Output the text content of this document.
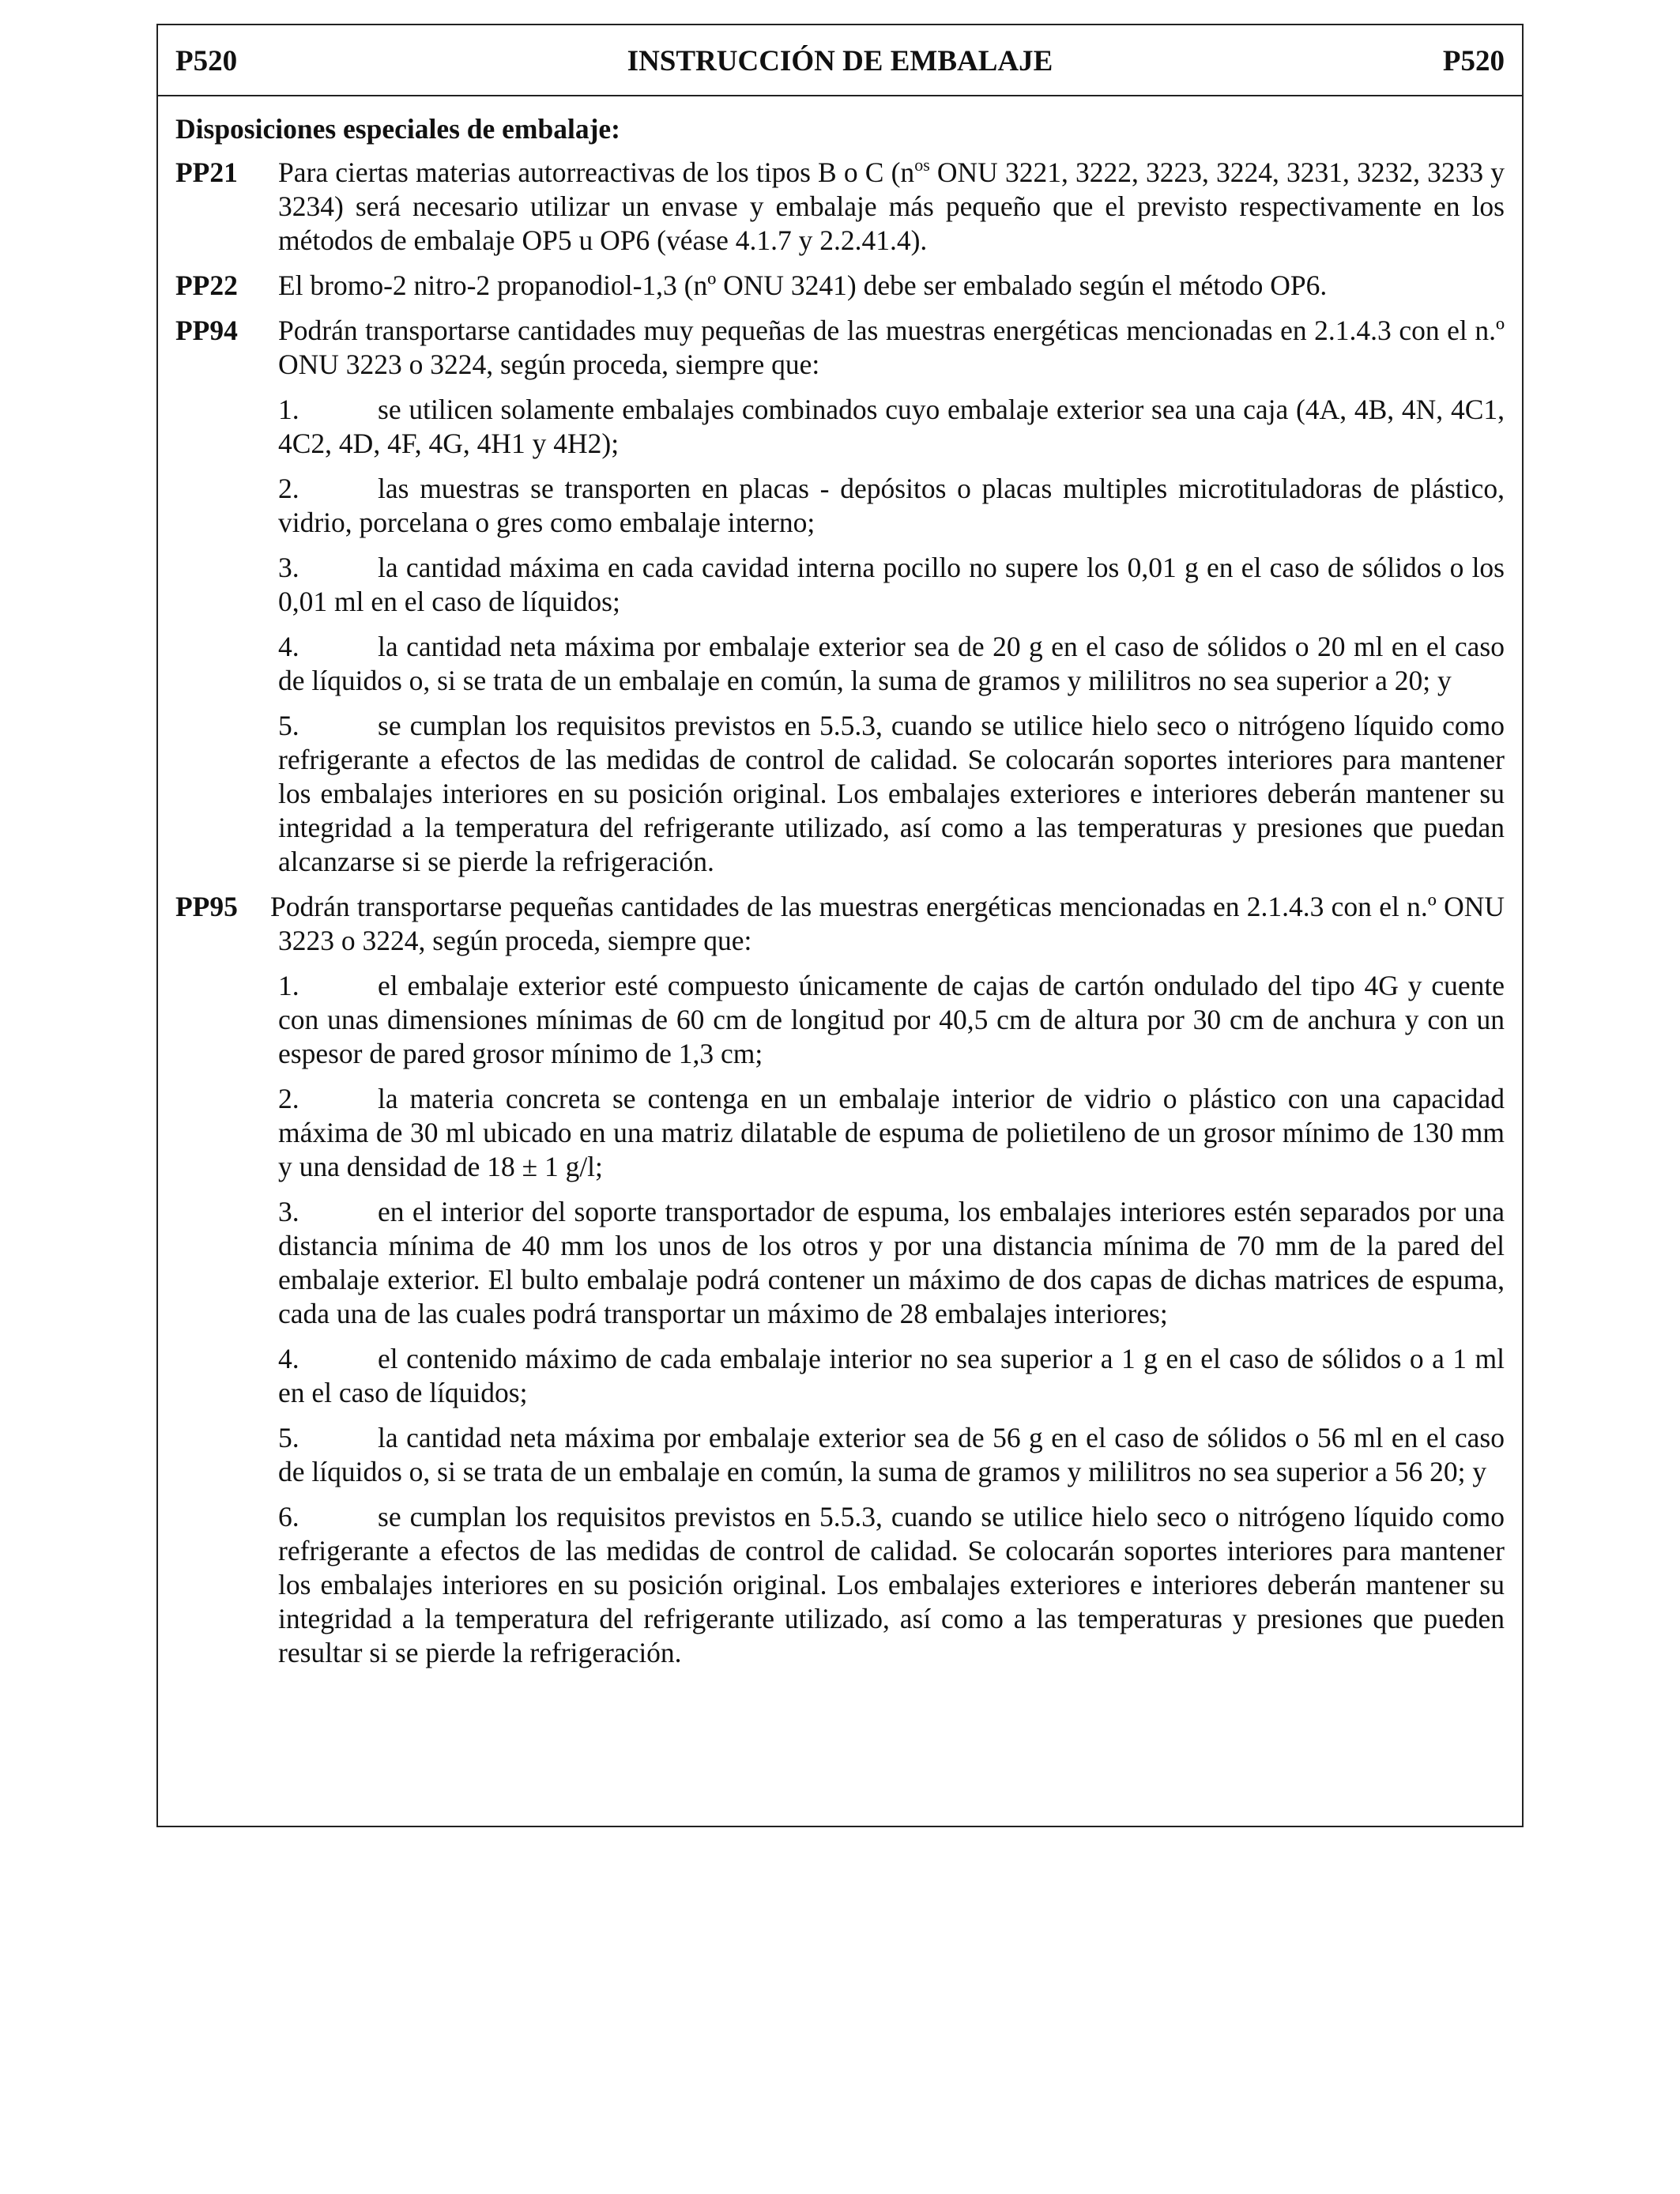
P520	INSTRUCCIÓN DE EMBALAJE	P520
Disposiciones especiales de embalaje:
PP21 Para ciertas materias autorreactivas de los tipos B o C ($n^{os}$ ONU 3221, 3222, 3223, 3224, 3231, 3232, 3233 y 3234) será necesario utilizar un envase y embalaje más pequeño que el previsto respectivamente en los métodos de embalaje OP5 u OP6 (véase 4.1.7 y 2.2.41.4).
PP22 El bromo-2 nitro-2 propanodiol-1,3 (nº ONU 3241) debe ser embalado según el método OP6.
PP94 Podrán transportarse cantidades muy pequeñas de las muestras energéticas mencionadas en 2.1.4.3 con el n.º ONU 3223 o 3224, según proceda, siempre que:
1.	se utilicen solamente embalajes combinados cuyo embalaje exterior sea una caja (4A, 4B, 4N, 4C1, 4C2, 4D, 4F, 4G, 4H1 y 4H2);
2.	las muestras se transporten en placas - depósitos o placas multiples microtituladoras de plástico, vidrio, porcelana o gres como embalaje interno;
3.	la cantidad máxima en cada cavidad interna pocillo no supere los 0,01 g en el caso de sólidos o los 0,01 ml en el caso de líquidos;
4.	la cantidad neta máxima por embalaje exterior sea de 20 g en el caso de sólidos o 20 ml en el caso de líquidos o, si se trata de un embalaje en común, la suma de gramos y mililitros no sea superior a 20; y
5.	se cumplan los requisitos previstos en 5.5.3, cuando se utilice hielo seco o nitrógeno líquido como refrigerante a efectos de las medidas de control de calidad. Se colocarán soportes interiores para mantener los embalajes interiores en su posición original. Los embalajes exteriores e interiores deberán mantener su integridad a la temperatura del refrigerante utilizado, así como a las temperaturas y presiones que puedan alcanzarse si se pierde la refrigeración.
PP95 Podrán transportarse pequeñas cantidades de las muestras energéticas mencionadas en 2.1.4.3 con el n.º ONU 3223 o 3224, según proceda, siempre que:
1.	el embalaje exterior esté compuesto únicamente de cajas de cartón ondulado del tipo 4G y cuente con unas dimensiones mínimas de 60 cm de longitud por 40,5 cm de altura por 30 cm de anchura y con un espesor de pared grosor mínimo de 1,3 cm;
2.	la materia concreta se contenga en un embalaje interior de vidrio o plástico con una capacidad máxima de 30 ml ubicado en una matriz dilatable de espuma de polietileno de un grosor mínimo de 130 mm y una densidad de 18 ± 1 g/l;
3.	en el interior del soporte transportador de espuma, los embalajes interiores estén separados por una distancia mínima de 40 mm los unos de los otros y por una distancia mínima de 70 mm de la pared del embalaje exterior. El bulto embalaje podrá contener un máximo de dos capas de dichas matrices de espuma, cada una de las cuales podrá transportar un máximo de 28 embalajes interiores;
4.	el contenido máximo de cada embalaje interior no sea superior a 1 g en el caso de sólidos o a 1 ml en el caso de líquidos;
5.	la cantidad neta máxima por embalaje exterior sea de 56 g en el caso de sólidos o 56 ml en el caso de líquidos o, si se trata de un embalaje en común, la suma de gramos y mililitros no sea superior a 56 20; y
6.	se cumplan los requisitos previstos en 5.5.3, cuando se utilice hielo seco o nitrógeno líquido como refrigerante a efectos de las medidas de control de calidad. Se colocarán soportes interiores para mantener los embalajes interiores en su posición original. Los embalajes exteriores e interiores deberán mantener su integridad a la temperatura del refrigerante utilizado, así como a las temperaturas y presiones que pueden resultar si se pierde la refrigeración.
